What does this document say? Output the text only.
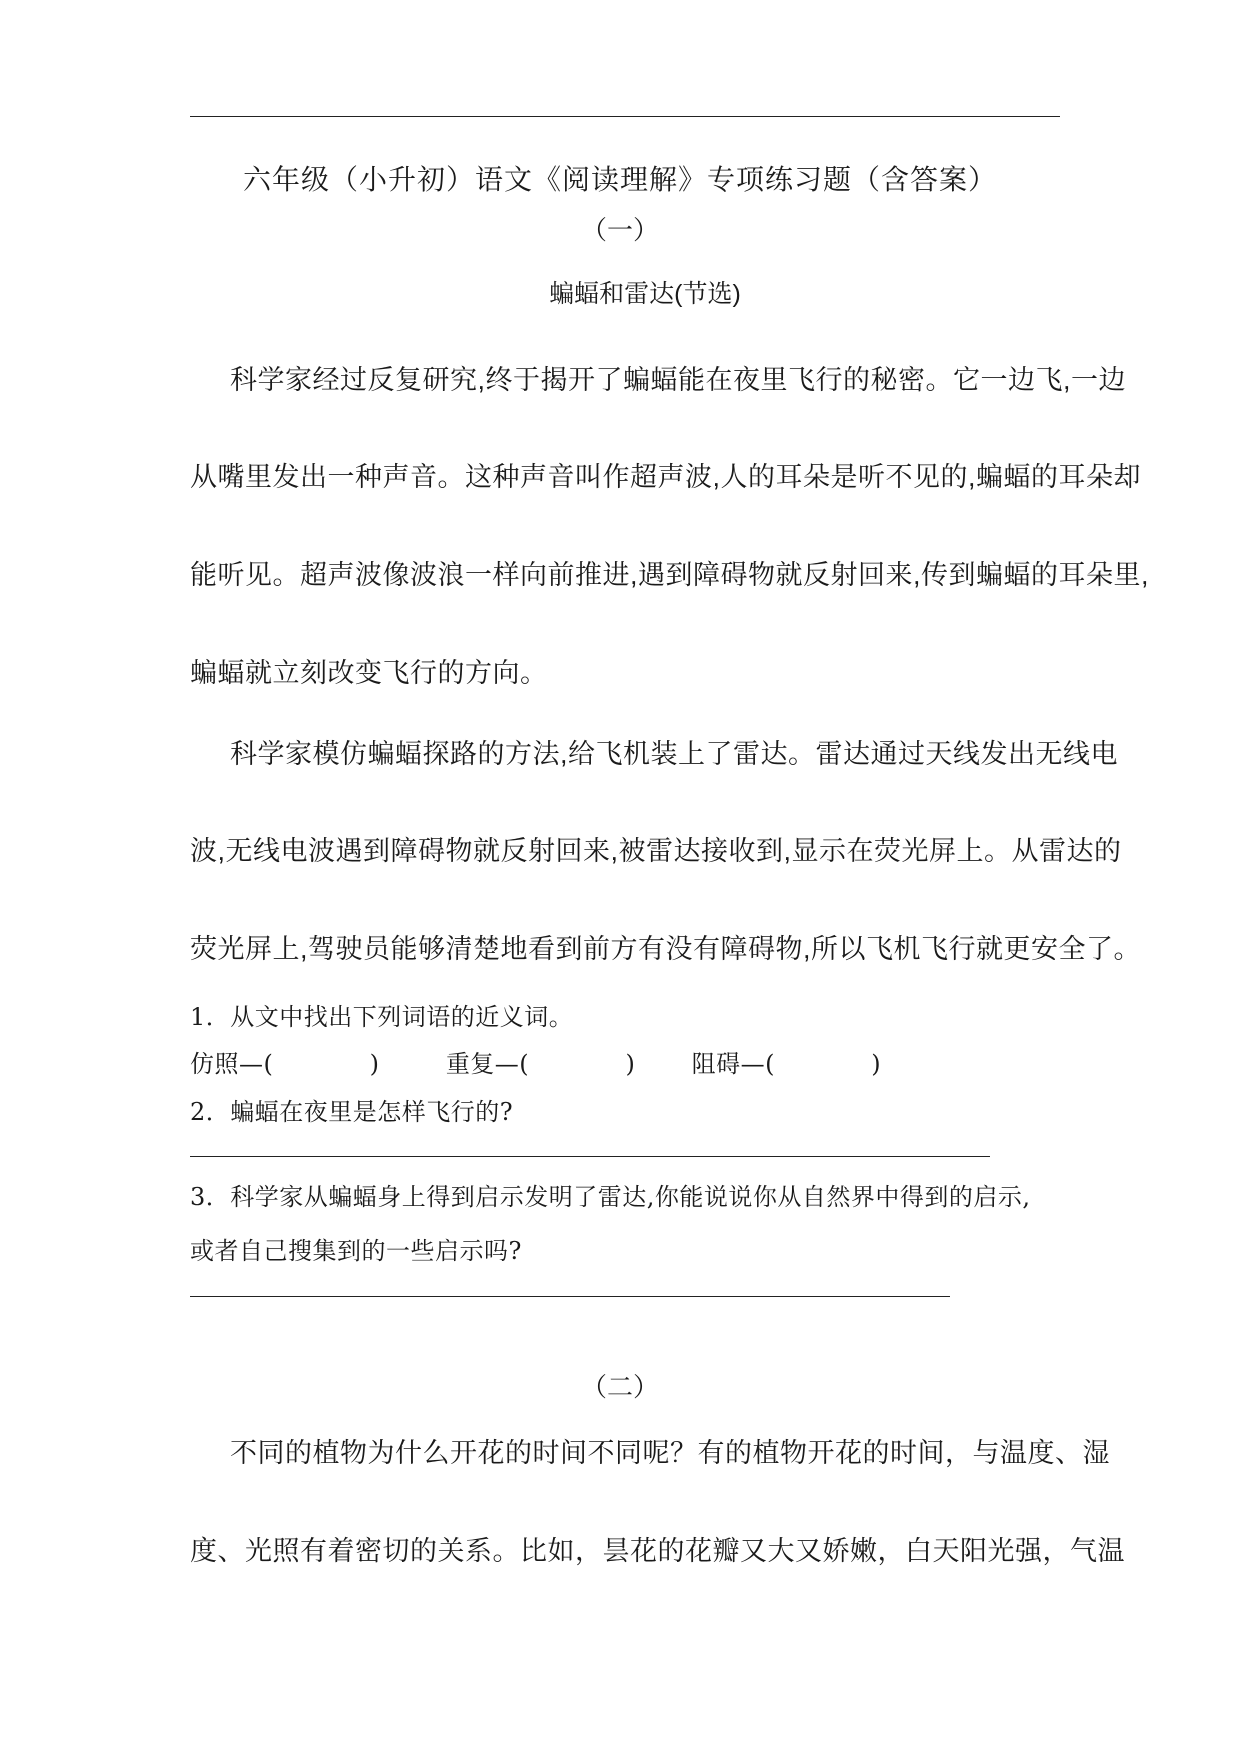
六年级（小升初）语文《阅读理解》专项练习题（含答案）
（一）
蝙蝠和雷达(节选)
科学家经过反复研究,终于揭开了蝙蝠能在夜里飞行的秘密。它一边飞,一边
从嘴里发出一种声音。这种声音叫作超声波,人的耳朵是听不见的,蝙蝠的耳朵却
能听见。超声波像波浪一样向前推进,遇到障碍物就反射回来,传到蝙蝠的耳朵里,
蝙蝠就立刻改变飞行的方向。
科学家模仿蝙蝠探路的方法,给飞机装上了雷达。雷达通过天线发出无线电
波,无线电波遇到障碍物就反射回来,被雷达接收到,显示在荧光屏上。从雷达的
荧光屏上,驾驶员能够清楚地看到前方有没有障碍物,所以飞机飞行就更安全了。
1．从文中找出下列词语的近义词。
仿照—(	)	重复—(	) 阻碍—(	)
2．蝙蝠在夜里是怎样飞行的?
3．科学家从蝙蝠身上得到启示发明了雷达,你能说说你从自然界中得到的启示,
或者自己搜集到的一些启示吗?
（二）
不同的植物为什么开花的时间不同呢？有的植物开花的时间，与温度、湿
度、光照有着密切的关系。比如，昙花的花瓣又大又娇嫩，白天阳光强，气温
